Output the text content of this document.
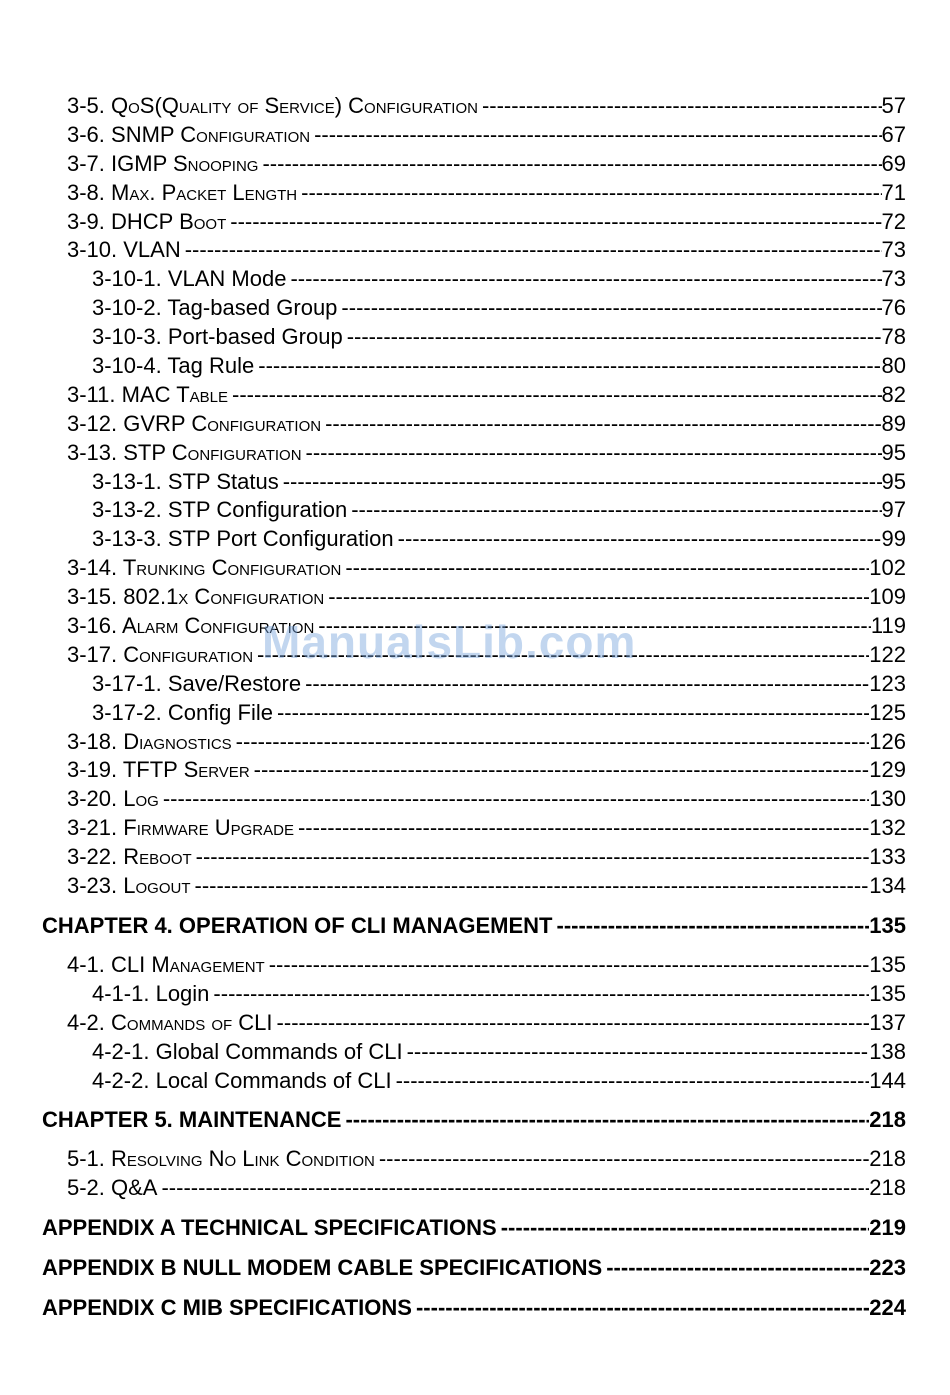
3-5. QoS(Quality of Service) Configuration -----	57
3-6. SNMP Configuration -----	67
3-7. IGMP Snooping -----	69
3-8. Max. Packet Length -----	71
3-9. DHCP Boot -----	72
3-10. VLAN -----	73
3-10-1. VLAN Mode -----	73
3-10-2. Tag-based Group -----	76
3-10-3. Port-based Group -----	78
3-10-4. Tag Rule -----	80
3-11. MAC Table -----	82
3-12. GVRP Configuration -----	89
3-13. STP Configuration -----	95
3-13-1. STP Status -----	95
3-13-2. STP Configuration -----	97
3-13-3. STP Port Configuration -----	99
3-14. Trunking Configuration -----	102
3-15. 802.1x Configuration -----	109
3-16. Alarm Configuration -----	119
3-17. Configuration -----	122
3-17-1. Save/Restore -----	123
3-17-2. Config File -----	125
3-18. Diagnostics -----	126
3-19. TFTP Server -----	129
3-20. Log -----	130
3-21. Firmware Upgrade -----	132
3-22. Reboot -----	133
3-23. Logout -----	134
CHAPTER 4. OPERATION OF CLI MANAGEMENT -----	135
4-1. CLI Management -----	135
4-1-1. Login -----	135
4-2. Commands of CLI -----	137
4-2-1. Global Commands of CLI -----	138
4-2-2. Local Commands of CLI -----	144
CHAPTER 5. MAINTENANCE -----	218
5-1. Resolving No Link Condition -----	218
5-2. Q&A -----	218
APPENDIX A TECHNICAL SPECIFICATIONS -----	219
APPENDIX B NULL MODEM CABLE SPECIFICATIONS -----	223
APPENDIX C MIB SPECIFICATIONS -----	224
ManualsLib.com
